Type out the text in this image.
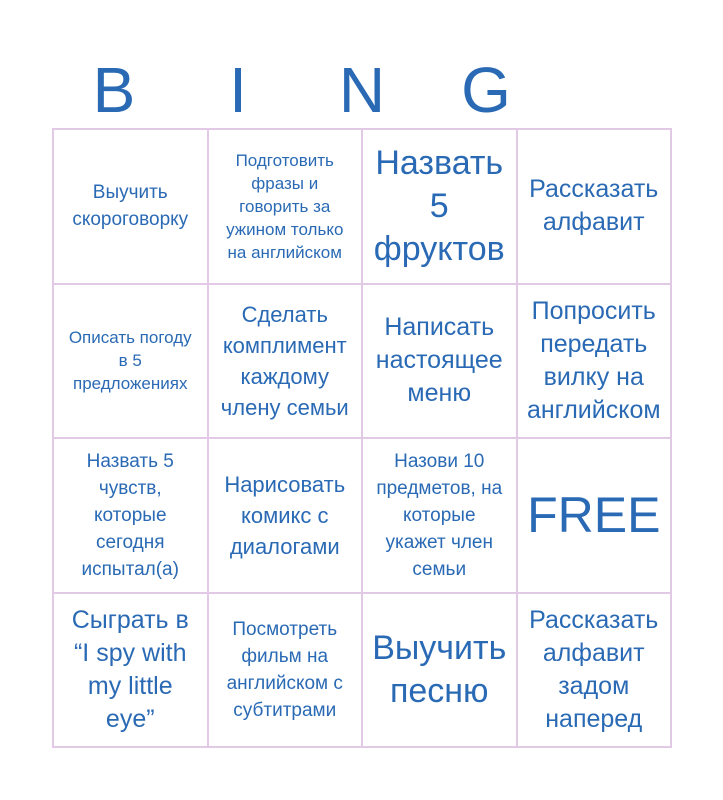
B I N G
Выучить скороговорку
Подготовить фразы и говорить за ужином только на английском
Назвать 5 фруктов
Рассказать алфавит
Описать погоду в 5 предложениях
Сделать комплимент каждому члену семьи
Написать настоящее меню
Попросить передать вилку на английском
Назвать 5 чувств, которые сегодня испытал(а)
Нарисовать комикс с диалогами
Назови 10 предметов, на которые укажет член семьи
FREE
Сыграть в “I spy with my little eye”
Посмотреть фильм на английском с субтитрами
Выучить песню
Рассказать алфавит задом наперед
